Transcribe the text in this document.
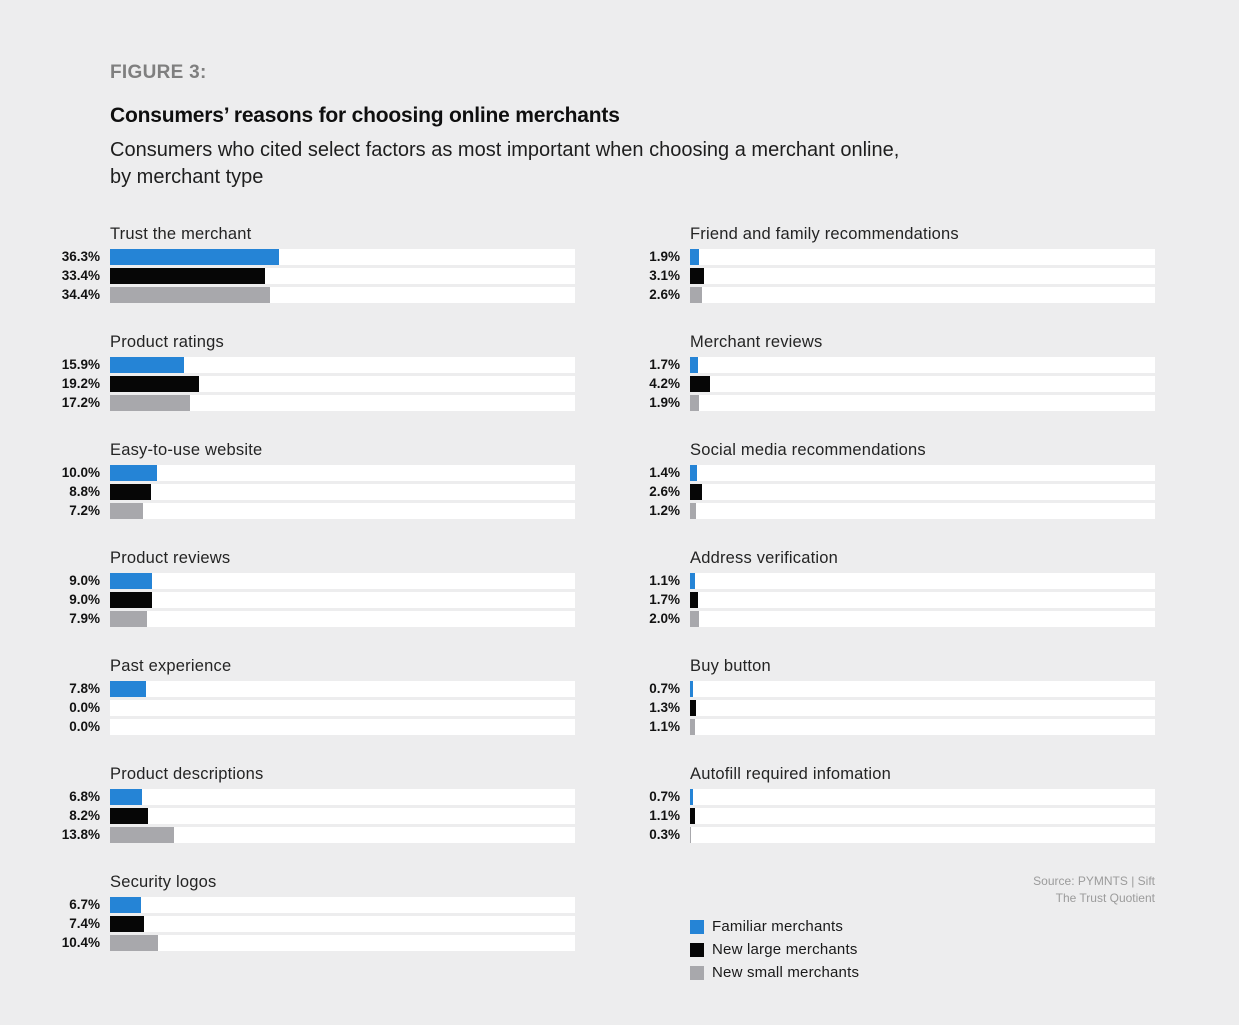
FIGURE 3:
Consumers’ reasons for choosing online merchants
Consumers who cited select factors as most important when choosing a merchant online,
by merchant type
Trust the merchant
36.3%
33.4%
34.4%
Product ratings
15.9%
19.2%
17.2%
Easy-to-use website
10.0%
8.8%
7.2%
Product reviews
9.0%
9.0%
7.9%
Past experience
7.8%
0.0%
0.0%
Product descriptions
6.8%
8.2%
13.8%
Security logos
6.7%
7.4%
10.4%
Friend and family recommendations
1.9%
3.1%
2.6%
Merchant reviews
1.7%
4.2%
1.9%
Social media recommendations
1.4%
2.6%
1.2%
Address verification
1.1%
1.7%
2.0%
Buy button
0.7%
1.3%
1.1%
Autofill required infomation
0.7%
1.1%
0.3%
Source: PYMNTS | Sift
The Trust Quotient
Familiar merchants
New large merchants
New small merchants
